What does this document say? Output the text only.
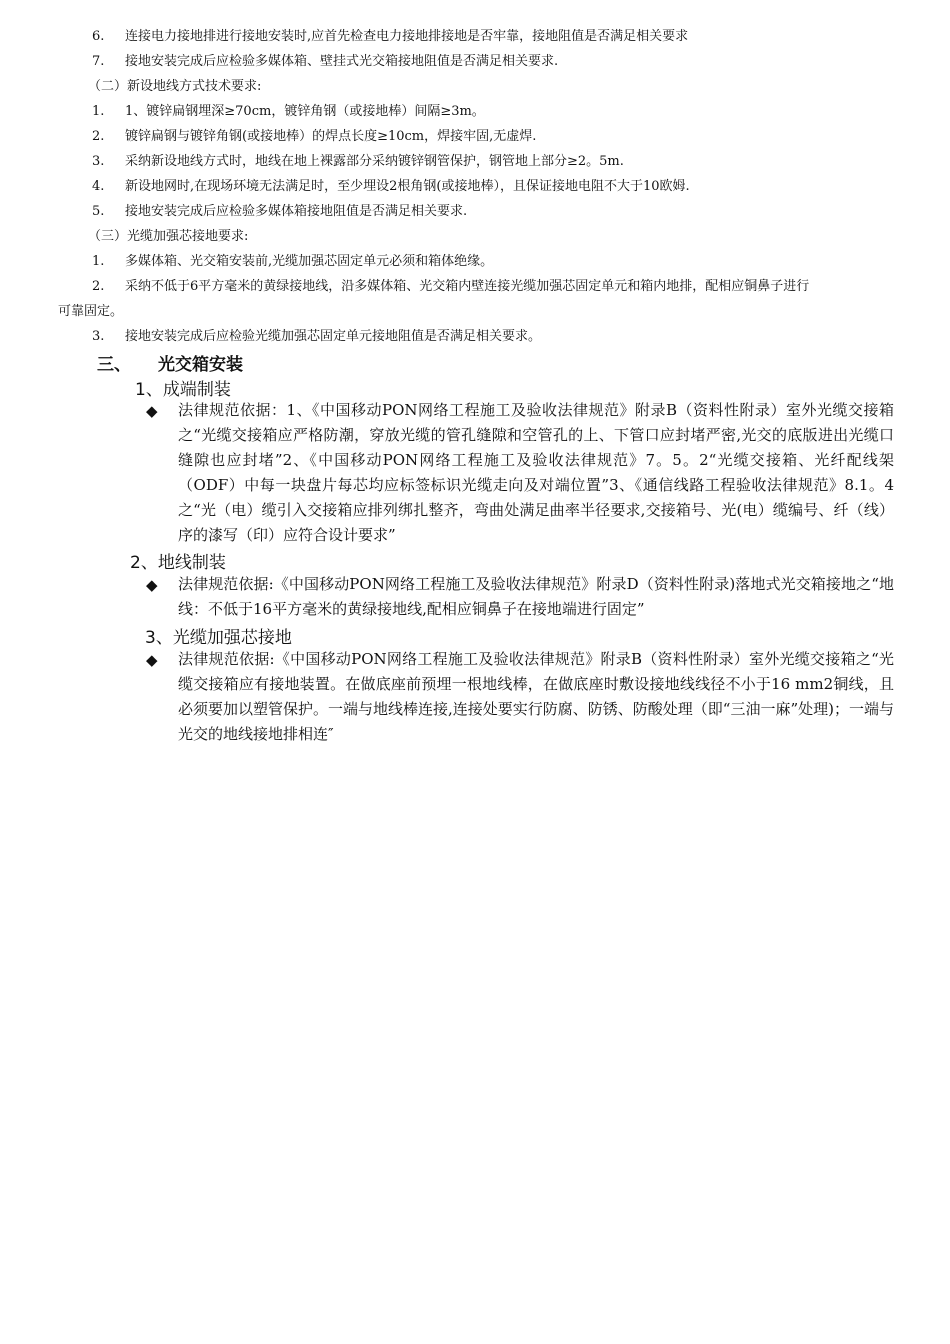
6. 连接电力接地排进行接地安装时,应首先检查电力接地排接地是否牢靠，接地阻值是否满足相关要求
7. 接地安装完成后应检验多媒体箱、壁挂式光交箱接地阻值是否满足相关要求.
（二）新设地线方式技术要求:
1. 1、镀锌扁钢埋深≥70cm，镀锌角钢（或接地棒）间隔≥3m。
2. 镀锌扁钢与镀锌角钢(或接地棒）的焊点长度≥10cm，焊接牢固,无虚焊.
3. 采纳新设地线方式时，地线在地上裸露部分采纳镀锌钢管保护，钢管地上部分≥2。5m.
4. 新设地网时,在现场环境无法满足时，至少埋设2根角钢(或接地棒），且保证接地电阻不大于10欧姆.
5. 接地安装完成后应检验多媒体箱接地阻值是否满足相关要求.
（三）光缆加强芯接地要求:
1. 多媒体箱、光交箱安装前,光缆加强芯固定单元必须和箱体绝缘。
2. 采纳不低于6平方毫米的黄绿接地线，沿多媒体箱、光交箱内壁连接光缆加强芯固定单元和箱内地排，配相应铜鼻子进行
可靠固定。
3. 接地安装完成后应检验光缆加强芯固定单元接地阻值是否满足相关要求。
三、 光交箱安装
1、成端制装
◆ 法律规范依据：1、《中国移动PON网络工程施工及验收法律规范》附录B（资料性附录）室外光缆交接箱之“光缆交接箱应严格防潮，穿放光缆的管孔缝隙和空管孔的上、下管口应封堵严密,光交的底版进出光缆口缝隙也应封堵”2、《中国移动PON网络工程施工及验收法律规范》7。5。2“光缆交接箱、光纤配线架（ODF）中每一块盘片每芯均应标签标识光缆走向及对端位置”3、《通信线路工程验收法律规范》8.1。4之“光（电）缆引入交接箱应排列绑扎整齐，弯曲处满足曲率半径要求,交接箱号、光(电）缆编号、纤（线）序的漆写（印）应符合设计要求”
2、地线制装
◆ 法律规范依据:《中国移动PON网络工程施工及验收法律规范》附录D（资料性附录)落地式光交箱接地之“地线：不低于16平方毫米的黄绿接地线,配相应铜鼻子在接地端进行固定”
3、光缆加强芯接地
◆ 法律规范依据:《中国移动PON网络工程施工及验收法律规范》附录B（资料性附录）室外光缆交接箱之“光缆交接箱应有接地装置。在做底座前预埋一根地线棒，在做底座时敷设接地线线径不小于16 mm2铜线，且必须要加以塑管保护。一端与地线棒连接,连接处要实行防腐、防锈、防酸处理（即“三油一麻”处理)；一端与光交的地线接地排相连″
